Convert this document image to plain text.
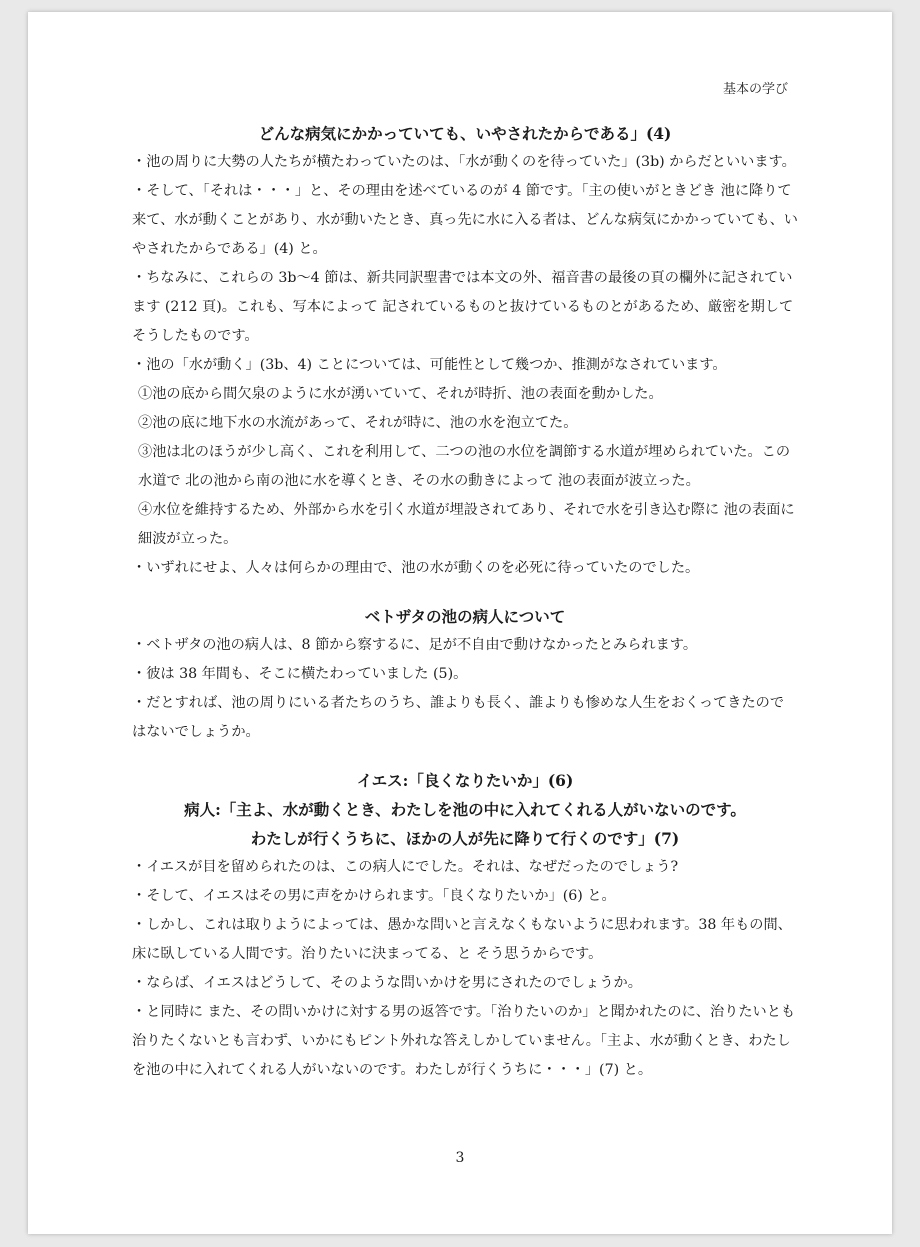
基本の学び

どんな病気にかかっていても、いやされたからである」(4)

・池の周りに大勢の人たちが横たわっていたのは、「水が動くのを待っていた」(3b) からだといいます。

・そして、「それは・・・」と、その理由を述べているのが 4 節です。「主の使いがときどき 池に降りて来て、水が動くことがあり、水が動いたとき、真っ先に水に入る者は、どんな病気にかかっていても、いやされたからである」(4) と。

・ちなみに、これらの 3b〜4 節は、新共同訳聖書では本文の外、福音書の最後の頁の欄外に記されています (212 頁)。これも、写本によって 記されているものと抜けているものとがあるため、厳密を期してそうしたものです。

・池の「水が動く」(3b、4) ことについては、可能性として幾つか、推測がなされています。

①池の底から間欠泉のように水が湧いていて、それが時折、池の表面を動かした。

②池の底に地下水の水流があって、それが時に、池の水を泡立てた。

③池は北のほうが少し高く、これを利用して、二つの池の水位を調節する水道が埋められていた。この水道で 北の池から南の池に水を導くとき、その水の動きによって 池の表面が波立った。

④水位を維持するため、外部から水を引く水道が埋設されてあり、それで水を引き込む際に 池の表面に細波が立った。

・いずれにせよ、人々は何らかの理由で、池の水が動くのを必死に待っていたのでした。

ベトザタの池の病人について

・ベトザタの池の病人は、8 節から察するに、足が不自由で動けなかったとみられます。

・彼は 38 年間も、そこに横たわっていました (5)。

・だとすれば、池の周りにいる者たちのうち、誰よりも長く、誰よりも惨めな人生をおくってきたのではないでしょうか。

イエス:「良くなりたいか」(6)

病人:「主よ、水が動くとき、わたしを池の中に入れてくれる人がいないのです。

わたしが行くうちに、ほかの人が先に降りて行くのです」(7)

・イエスが目を留められたのは、この病人にでした。それは、なぜだったのでしょう?

・そして、イエスはその男に声をかけられます。「良くなりたいか」(6) と。

・しかし、これは取りようによっては、愚かな問いと言えなくもないように思われます。38 年もの間、床に臥している人間です。治りたいに決まってる、と そう思うからです。

・ならば、イエスはどうして、そのような問いかけを男にされたのでしょうか。

・と同時に また、その問いかけに対する男の返答です。「治りたいのか」と聞かれたのに、治りたいとも治りたくないとも言わず、いかにもピント外れな答えしかしていません。「主よ、水が動くとき、わたしを池の中に入れてくれる人がいないのです。わたしが行くうちに・・・」(7) と。

3
